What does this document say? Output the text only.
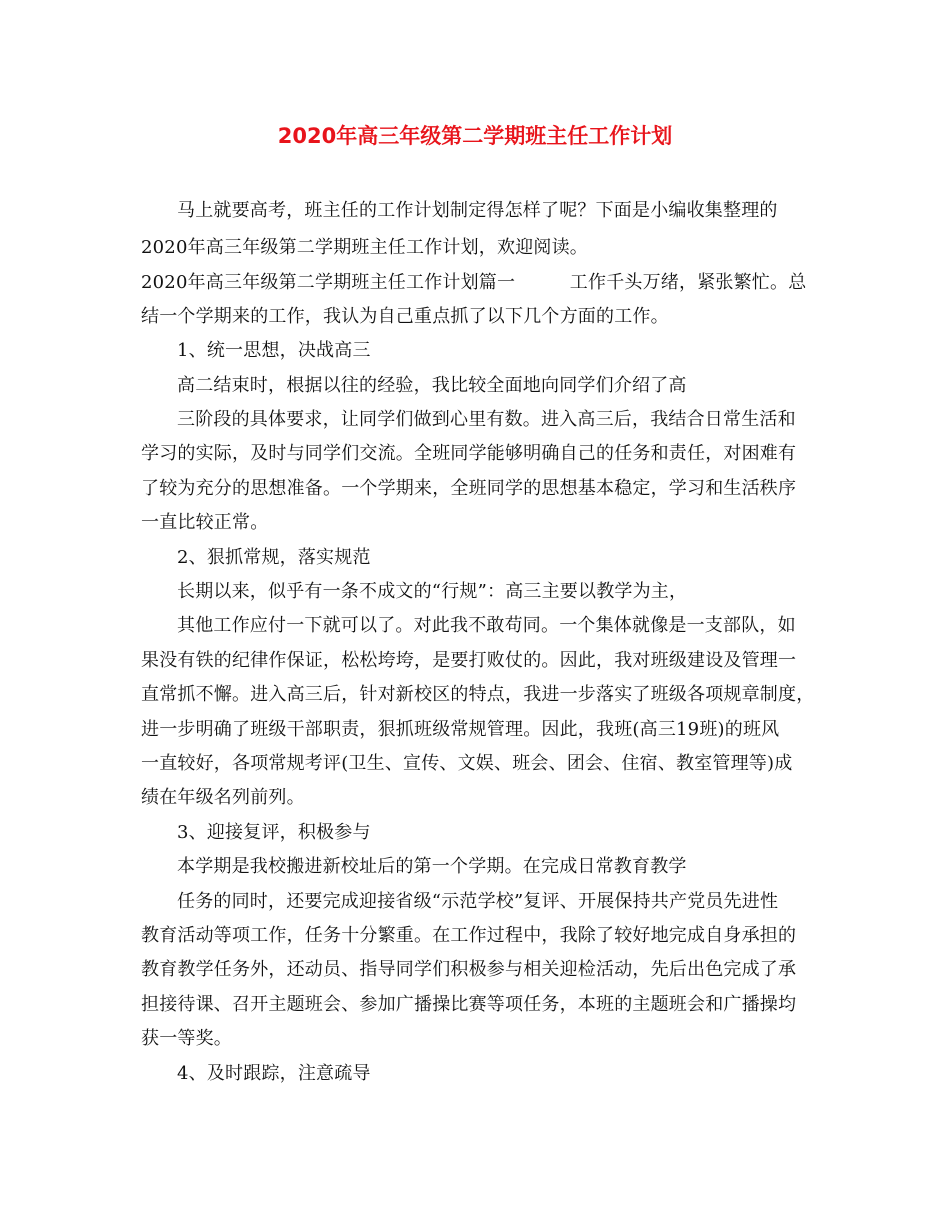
2020年高三年级第二学期班主任工作计划
马上就要高考，班主任的工作计划制定得怎样了呢？下面是小编收集整理的
2020年高三年级第二学期班主任工作计划，欢迎阅读。
2020年高三年级第二学期班主任工作计划篇一　　　工作千头万绪，紧张繁忙。总
结一个学期来的工作，我认为自己重点抓了以下几个方面的工作。
1、统一思想，决战高三
高二结束时，根据以往的经验，我比较全面地向同学们介绍了高
三阶段的具体要求，让同学们做到心里有数。进入高三后，我结合日常生活和
学习的实际，及时与同学们交流。全班同学能够明确自己的任务和责任，对困难有
了较为充分的思想准备。一个学期来，全班同学的思想基本稳定，学习和生活秩序
一直比较正常。
2、狠抓常规，落实规范
长期以来，似乎有一条不成文的“行规”：高三主要以教学为主，
其他工作应付一下就可以了。对此我不敢苟同。一个集体就像是一支部队，如
果没有铁的纪律作保证，松松垮垮，是要打败仗的。因此，我对班级建设及管理一
直常抓不懈。进入高三后，针对新校区的特点，我进一步落实了班级各项规章制度，
进一步明确了班级干部职责，狠抓班级常规管理。因此，我班(高三19班)的班风
一直较好，各项常规考评(卫生、宣传、文娱、班会、团会、住宿、教室管理等)成
绩在年级名列前列。
3、迎接复评，积极参与
本学期是我校搬进新校址后的第一个学期。在完成日常教育教学
任务的同时，还要完成迎接省级“示范学校”复评、开展保持共产党员先进性
教育活动等项工作，任务十分繁重。在工作过程中，我除了较好地完成自身承担的
教育教学任务外，还动员、指导同学们积极参与相关迎检活动，先后出色完成了承
担接待课、召开主题班会、参加广播操比赛等项任务，本班的主题班会和广播操均
获一等奖。
4、及时跟踪，注意疏导
